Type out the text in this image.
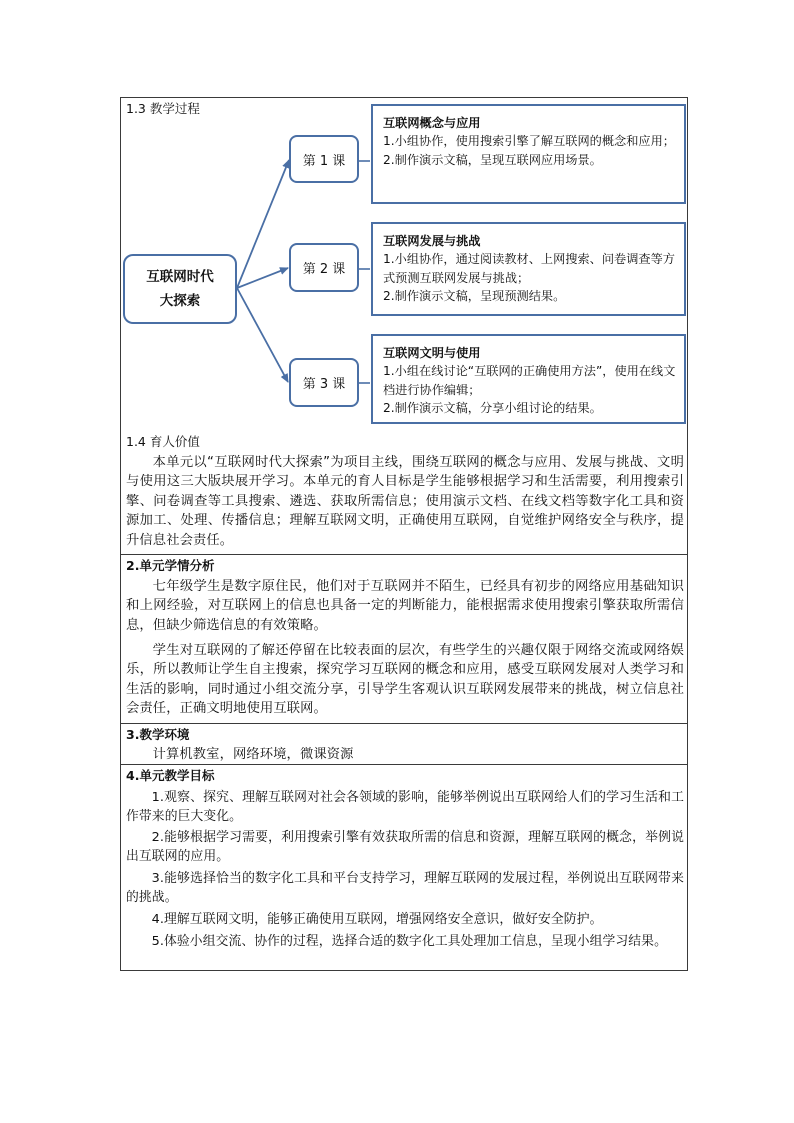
1.3 教学过程
互联网时代
大探索
第 1 课
第 2 课
第 3 课
互联网概念与应用
1.小组协作，使用搜索引擎了解互联网的概念和应用；
2.制作演示文稿，呈现互联网应用场景。
互联网发展与挑战
1.小组协作，通过阅读教材、上网搜索、问卷调查等方式预测互联网发展与挑战；
2.制作演示文稿，呈现预测结果。
互联网文明与使用
1.小组在线讨论“互联网的正确使用方法”，使用在线文档进行协作编辑；
2.制作演示文稿，分享小组讨论的结果。
1.4 育人价值

本单元以“互联网时代大探索”为项目主线，围绕互联网的概念与应用、发展与挑战、文明与使用这三大版块展开学习。本单元的育人目标是学生能够根据学习和生活需要，利用搜索引擎、问卷调查等工具搜索、遴选、获取所需信息；使用演示文档、在线文档等数字化工具和资源加工、处理、传播信息；理解互联网文明，正确使用互联网，自觉维护网络安全与秩序，提升信息社会责任。

2.单元学情分析

七年级学生是数字原住民，他们对于互联网并不陌生，已经具有初步的网络应用基础知识和上网经验，对互联网上的信息也具备一定的判断能力，能根据需求使用搜索引擎获取所需信息，但缺少筛选信息的有效策略。

学生对互联网的了解还停留在比较表面的层次，有些学生的兴趣仅限于网络交流或网络娱乐，所以教师让学生自主搜索，探究学习互联网的概念和应用，感受互联网发展对人类学习和生活的影响，同时通过小组交流分享，引导学生客观认识互联网发展带来的挑战，树立信息社会责任，正确文明地使用互联网。

3.教学环境

计算机教室，网络环境，微课资源

4.单元教学目标

1.观察、探究、理解互联网对社会各领域的影响，能够举例说出互联网给人们的学习生活和工作带来的巨大变化。

2.能够根据学习需要，利用搜索引擎有效获取所需的信息和资源，理解互联网的概念，举例说出互联网的应用。

3.能够选择恰当的数字化工具和平台支持学习，理解互联网的发展过程，举例说出互联网带来的挑战。

4.理解互联网文明，能够正确使用互联网，增强网络安全意识，做好安全防护。

5.体验小组交流、协作的过程，选择合适的数字化工具处理加工信息，呈现小组学习结果。
